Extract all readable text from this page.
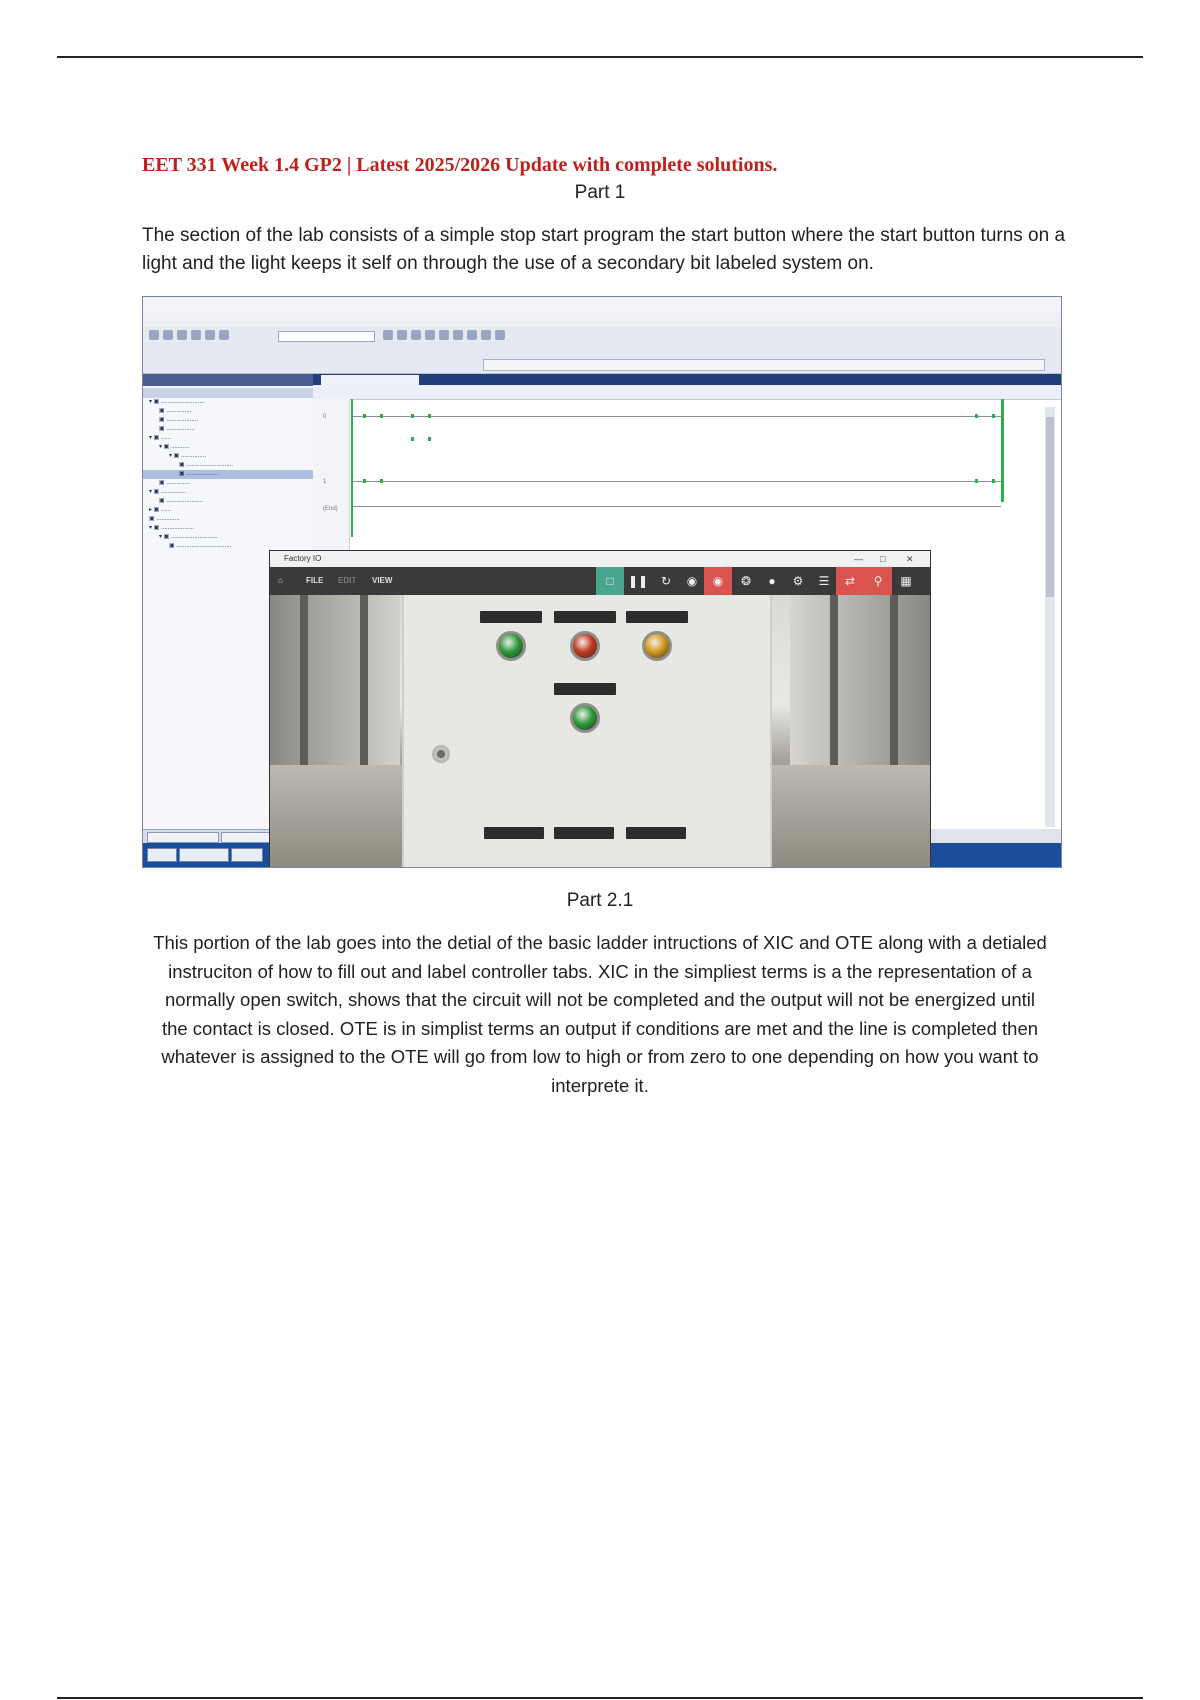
EET 331 Week 1.4 GP2 | Latest 2025/2026 Update with complete solutions.
Part 1
The section of the lab consists of a simple stop start program the start button where the start button turns on a light and the light keeps it self on through the use of a secondary bit labeled system on.
▾ ▣ ..........................
▣ ...............
▣ ...................
▣ .................
▾ ▣ ......
▾ ▣ ...........
▾ ▣ ...............
▣ ............................
▣ ...................
▣ ..............
▾ ▣ ...............
▣ ......................
▸ ▣ ......
▣ ..............
▾ ▣ ....................
▾ ▣ ............................
▣ .................................
0
1
(End)
Factory IO	— □ ✕
⌂	FILE EDIT VIEW	□	❚❚	↻	◉	◉	❂	●	⚙	☰	⇄	⚲	▦
Part 2.1
This portion of the lab goes into the detial of the basic ladder intructions of XIC and OTE along with a detialed instruciton of how to fill out and label controller tabs. XIC in the simpliest terms is a the representation of a normally open switch, shows that the circuit will not be completed and the output will not be energized until the contact is closed. OTE is in simplist terms an output if conditions are met and the line is completed then whatever is assigned to the OTE will go from low to high or from zero to one depending on how you want to interprete it.
